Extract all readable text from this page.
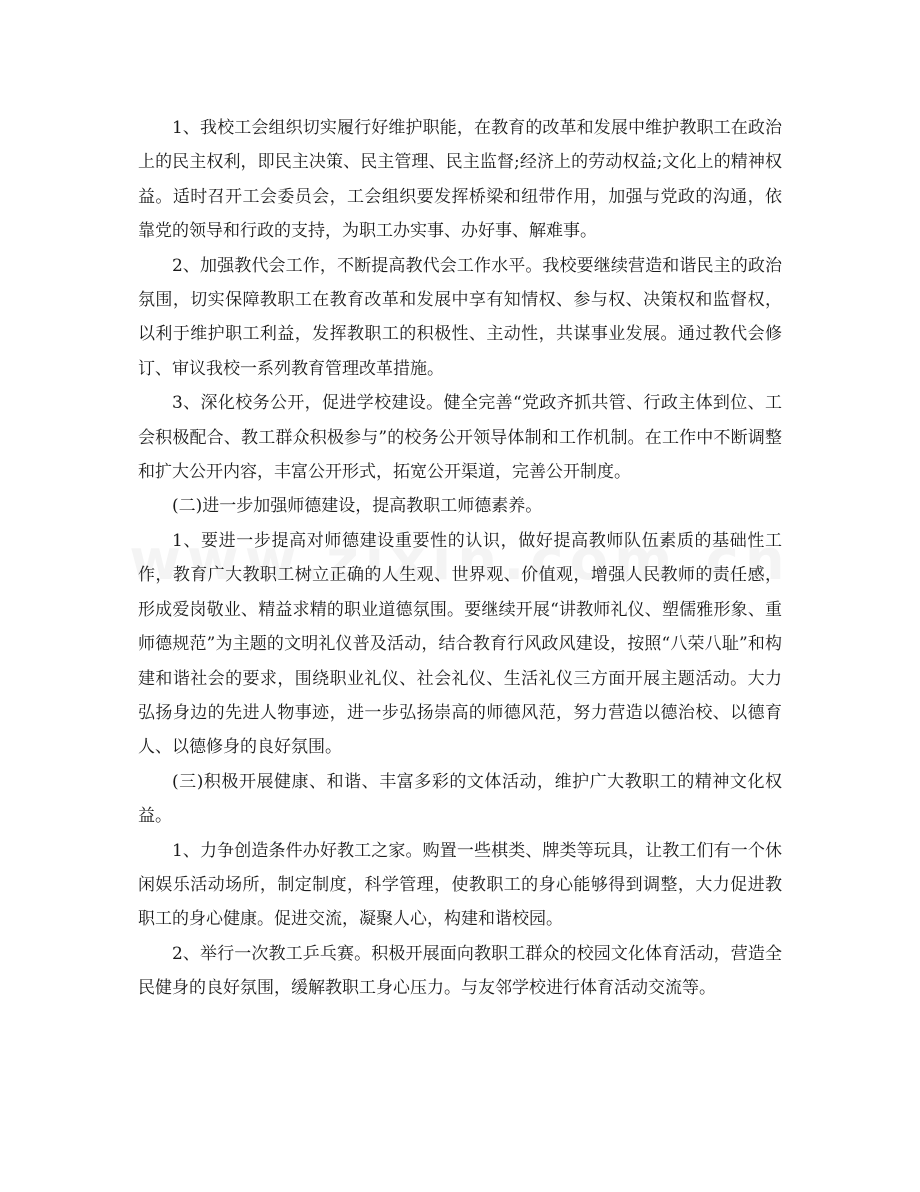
1、我校工会组织切实履行好维护职能，在教育的改革和发展中维护教职工在政治上的民主权利，即民主决策、民主管理、民主监督;经济上的劳动权益;文化上的精神权益。适时召开工会委员会，工会组织要发挥桥梁和纽带作用，加强与党政的沟通，依靠党的领导和行政的支持，为职工办实事、办好事、解难事。

2、加强教代会工作，不断提高教代会工作水平。我校要继续营造和谐民主的政治氛围，切实保障教职工在教育改革和发展中享有知情权、参与权、决策权和监督权，以利于维护职工利益，发挥教职工的积极性、主动性，共谋事业发展。通过教代会修订、审议我校一系列教育管理改革措施。

3、深化校务公开，促进学校建设。健全完善“党政齐抓共管、行政主体到位、工会积极配合、教工群众积极参与”的校务公开领导体制和工作机制。在工作中不断调整和扩大公开内容，丰富公开形式，拓宽公开渠道，完善公开制度。

(二)进一步加强师德建设，提高教职工师德素养。

1、要进一步提高对师德建设重要性的认识，做好提高教师队伍素质的基础性工作，教育广大教职工树立正确的人生观、世界观、价值观，增强人民教师的责任感，形成爱岗敬业、精益求精的职业道德氛围。要继续开展“讲教师礼仪、塑儒雅形象、重师德规范”为主题的文明礼仪普及活动，结合教育行风政风建设，按照“八荣八耻”和构建和谐社会的要求，围绕职业礼仪、社会礼仪、生活礼仪三方面开展主题活动。大力弘扬身边的先进人物事迹，进一步弘扬崇高的师德风范，努力营造以德治校、以德育人、以德修身的良好氛围。

(三)积极开展健康、和谐、丰富多彩的文体活动，维护广大教职工的精神文化权益。

1、力争创造条件办好教工之家。购置一些棋类、牌类等玩具，让教工们有一个休闲娱乐活动场所，制定制度，科学管理，使教职工的身心能够得到调整，大力促进教职工的身心健康。促进交流，凝聚人心，构建和谐校园。

2、举行一次教工乒乓赛。积极开展面向教职工群众的校园文化体育活动，营造全民健身的良好氛围，缓解教职工身心压力。与友邻学校进行体育活动交流等。
